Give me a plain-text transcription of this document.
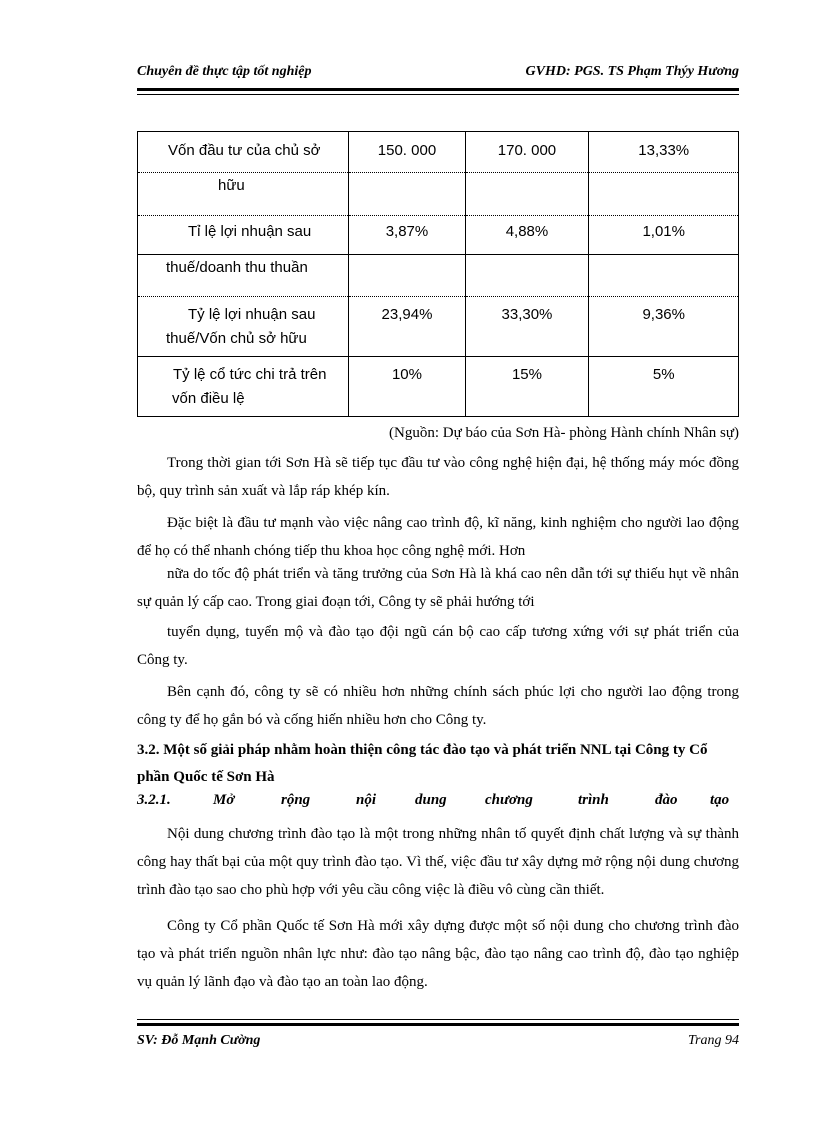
Chuyên đề thực tập tốt nghiệp	GVHD: PGS. TS Phạm Thýy Hương
Vốn đầu tư của chủ sở	150. 000	170. 000	13,33%

hữu			

Tỉ lệ lợi nhuận sau	3,87%	4,88%	1,01%

thuế/doanh thu thuần			

Tỷ lệ lợi nhuận sau
thuế/Vốn chủ sở hữu	23,94%	33,30%	9,36%

Tỷ lệ cổ tức chi trả trên
vốn điều lệ	10%	15%	5%
(Nguồn: Dự báo của Sơn Hà- phòng Hành chính Nhân sự)

Trong thời gian tới Sơn Hà sẽ tiếp tục đầu tư vào công nghệ hiện đại, hệ thống máy móc đồng bộ, quy trình sản xuất và lắp ráp khép kín.

Đặc biệt là đầu tư mạnh vào việc nâng cao trình độ, kĩ năng, kinh nghiệm cho người lao động để họ có thể nhanh chóng tiếp thu khoa học công nghệ mới. Hơn

nữa do tốc độ phát triển và tăng trưởng của Sơn Hà là khá cao nên dẫn tới sự thiếu hụt về nhân sự quản lý cấp cao. Trong giai đoạn tới, Công ty sẽ phải hướng tới

tuyển dụng, tuyển mộ và đào tạo đội ngũ cán bộ cao cấp tương xứng với sự phát triển của Công ty.

Bên cạnh đó, công ty sẽ có nhiều hơn những chính sách phúc lợi cho người lao động trong công ty để họ gắn bó và cống hiến nhiều hơn cho Công ty.

3.2. Một số giải pháp nhằm hoàn thiện công tác đào tạo và phát triển NNL tại Công ty Cổ phần Quốc tế Sơn Hà
3.2.1.	Mở	rộng	nội	dung	chương	trình	đào tạo

Nội dung chương trình đào tạo là một trong những nhân tố quyết định chất lượng và sự thành công hay thất bại của một quy trình đào tạo. Vì thế, việc đầu tư xây dựng mở rộng nội dung chương trình đào tạo sao cho phù hợp với yêu cầu công việc là điều vô cùng cần thiết.

Công ty Cổ phần Quốc tế Sơn Hà mới xây dựng được một số nội dung cho chương trình đào tạo và phát triển nguồn nhân lực như: đào tạo nâng bậc, đào tạo nâng cao trình độ, đào tạo nghiệp vụ quản lý lãnh đạo và đào tạo an toàn lao động.

SV: Đỗ Mạnh Cường	Trang 94
